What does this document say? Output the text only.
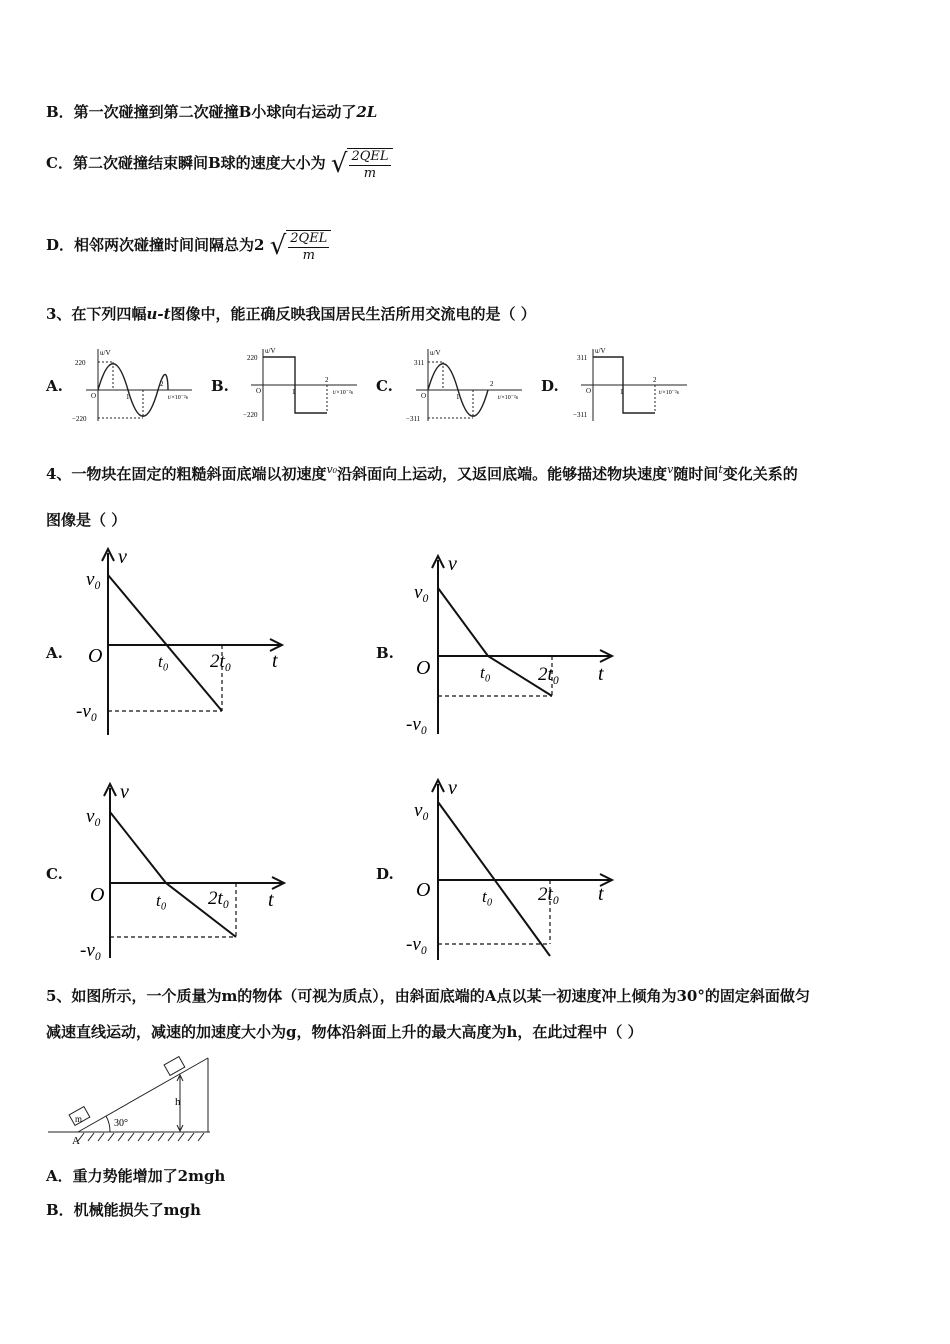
B．第一次碰撞到第二次碰撞B小球向右运动了2L
C．第二次碰撞结束瞬间B球的速度大小为 √ $\frac{\text{2QEL}}{m}$
D．相邻两次碰撞时间间隔总为2 √ $\frac{\text{2QEL}}{m}$
3、在下列四幅u-t图像中，能正确反映我国居民生活所用交流电的是（ ）
A.	B.	C.	D.
u/V
220
−220
O	1
2
t/×10⁻²s
u/V
220
−220
O	1
2
t/×10⁻²s
u/V
311
−311
O	1
2
t/×10⁻²s
u/V
311
−311
O	1
2
t/×10⁻²s
4、一物块在固定的粗糙斜面底端以初速度$^{v_0}$沿斜面向上运动，又返回底端。能够描述物块速度$^v$随时间$^t$变化关系的
图像是（ ）
A.	B.
C.	D.
v
v₀
O	t₀ 2t₀ t
-v₀
v
v₀
O	t₀ 2t₀ t
-v₀
v
v₀
O	t₀ 2t₀ t
-v₀
v
v₀
O	t₀ 2t₀ t
-v₀
5、如图所示，一个质量为m的物体（可视为质点），由斜面底端的A点以某一初速度冲上倾角为30°的固定斜面做匀
减速直线运动，减速的加速度大小为g，物体沿斜面上升的最大高度为h，在此过程中（ ）
m
h
30°
A
A．重力势能增加了2mgh
B．机械能损失了mgh
